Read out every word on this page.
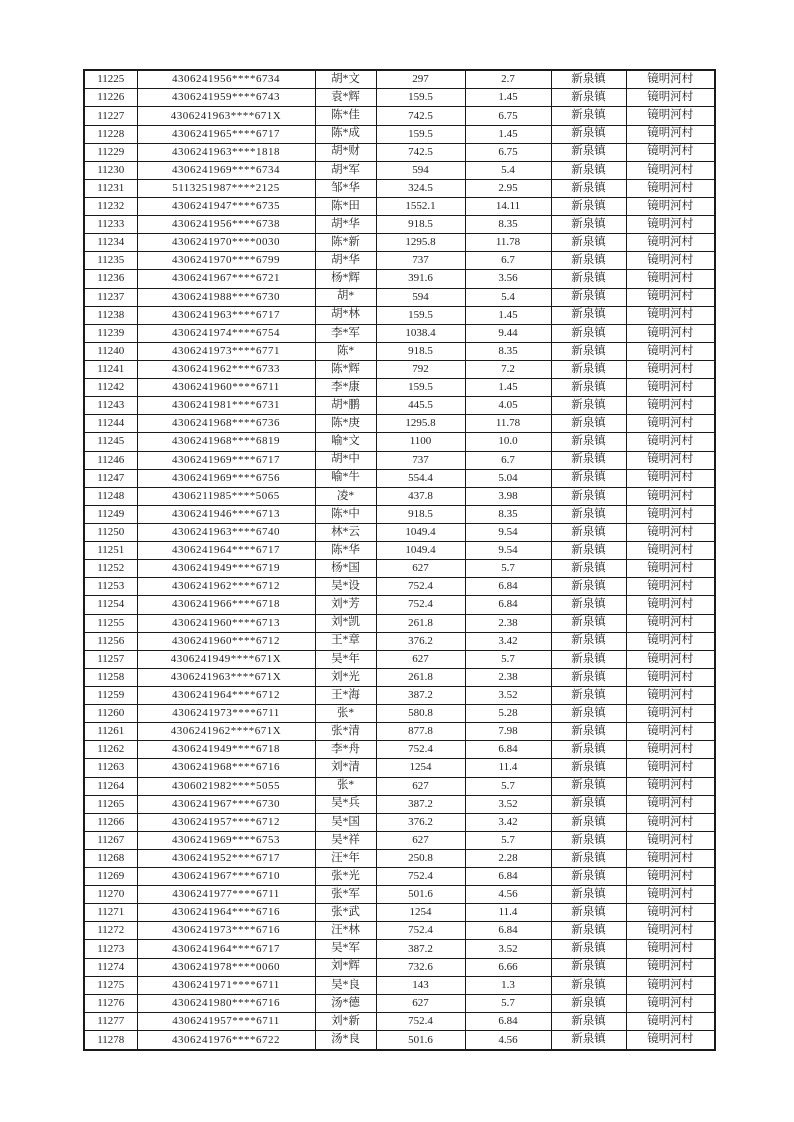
11225	4306241956****6734	胡*文	297	2.7	新泉镇	镜明河村
11226	4306241959****6743	袁*辉	159.5	1.45	新泉镇	镜明河村
11227	4306241963****671X	陈*佳	742.5	6.75	新泉镇	镜明河村
11228	4306241965****6717	陈*成	159.5	1.45	新泉镇	镜明河村
11229	4306241963****1818	胡*财	742.5	6.75	新泉镇	镜明河村
11230	4306241969****6734	胡*军	594	5.4	新泉镇	镜明河村
11231	5113251987****2125	邹*华	324.5	2.95	新泉镇	镜明河村
11232	4306241947****6735	陈*田	1552.1	14.11	新泉镇	镜明河村
11233	4306241956****6738	胡*华	918.5	8.35	新泉镇	镜明河村
11234	4306241970****0030	陈*新	1295.8	11.78	新泉镇	镜明河村
11235	4306241970****6799	胡*华	737	6.7	新泉镇	镜明河村
11236	4306241967****6721	杨*辉	391.6	3.56	新泉镇	镜明河村
11237	4306241988****6730	胡*	594	5.4	新泉镇	镜明河村
11238	4306241963****6717	胡*林	159.5	1.45	新泉镇	镜明河村
11239	4306241974****6754	李*军	1038.4	9.44	新泉镇	镜明河村
11240	4306241973****6771	陈*	918.5	8.35	新泉镇	镜明河村
11241	4306241962****6733	陈*辉	792	7.2	新泉镇	镜明河村
11242	4306241960****6711	李*康	159.5	1.45	新泉镇	镜明河村
11243	4306241981****6731	胡*鹏	445.5	4.05	新泉镇	镜明河村
11244	4306241968****6736	陈*庚	1295.8	11.78	新泉镇	镜明河村
11245	4306241968****6819	喻*文	1100	10.0	新泉镇	镜明河村
11246	4306241969****6717	胡*中	737	6.7	新泉镇	镜明河村
11247	4306241969****6756	喻*牛	554.4	5.04	新泉镇	镜明河村
11248	4306211985****5065	凌*	437.8	3.98	新泉镇	镜明河村
11249	4306241946****6713	陈*中	918.5	8.35	新泉镇	镜明河村
11250	4306241963****6740	林*云	1049.4	9.54	新泉镇	镜明河村
11251	4306241964****6717	陈*华	1049.4	9.54	新泉镇	镜明河村
11252	4306241949****6719	杨*国	627	5.7	新泉镇	镜明河村
11253	4306241962****6712	吴*设	752.4	6.84	新泉镇	镜明河村
11254	4306241966****6718	刘*芳	752.4	6.84	新泉镇	镜明河村
11255	4306241960****6713	刘*凯	261.8	2.38	新泉镇	镜明河村
11256	4306241960****6712	王*章	376.2	3.42	新泉镇	镜明河村
11257	4306241949****671X	吴*年	627	5.7	新泉镇	镜明河村
11258	4306241963****671X	刘*光	261.8	2.38	新泉镇	镜明河村
11259	4306241964****6712	王*海	387.2	3.52	新泉镇	镜明河村
11260	4306241973****6711	张*	580.8	5.28	新泉镇	镜明河村
11261	4306241962****671X	张*清	877.8	7.98	新泉镇	镜明河村
11262	4306241949****6718	李*舟	752.4	6.84	新泉镇	镜明河村
11263	4306241968****6716	刘*清	1254	11.4	新泉镇	镜明河村
11264	4306021982****5055	张*	627	5.7	新泉镇	镜明河村
11265	4306241967****6730	吴*兵	387.2	3.52	新泉镇	镜明河村
11266	4306241957****6712	吴*国	376.2	3.42	新泉镇	镜明河村
11267	4306241969****6753	吴*祥	627	5.7	新泉镇	镜明河村
11268	4306241952****6717	汪*年	250.8	2.28	新泉镇	镜明河村
11269	4306241967****6710	张*光	752.4	6.84	新泉镇	镜明河村
11270	4306241977****6711	张*军	501.6	4.56	新泉镇	镜明河村
11271	4306241964****6716	张*武	1254	11.4	新泉镇	镜明河村
11272	4306241973****6716	汪*林	752.4	6.84	新泉镇	镜明河村
11273	4306241964****6717	吴*军	387.2	3.52	新泉镇	镜明河村
11274	4306241978****0060	刘*辉	732.6	6.66	新泉镇	镜明河村
11275	4306241971****6711	吴*良	143	1.3	新泉镇	镜明河村
11276	4306241980****6716	汤*德	627	5.7	新泉镇	镜明河村
11277	4306241957****6711	刘*新	752.4	6.84	新泉镇	镜明河村
11278	4306241976****6722	汤*良	501.6	4.56	新泉镇	镜明河村
